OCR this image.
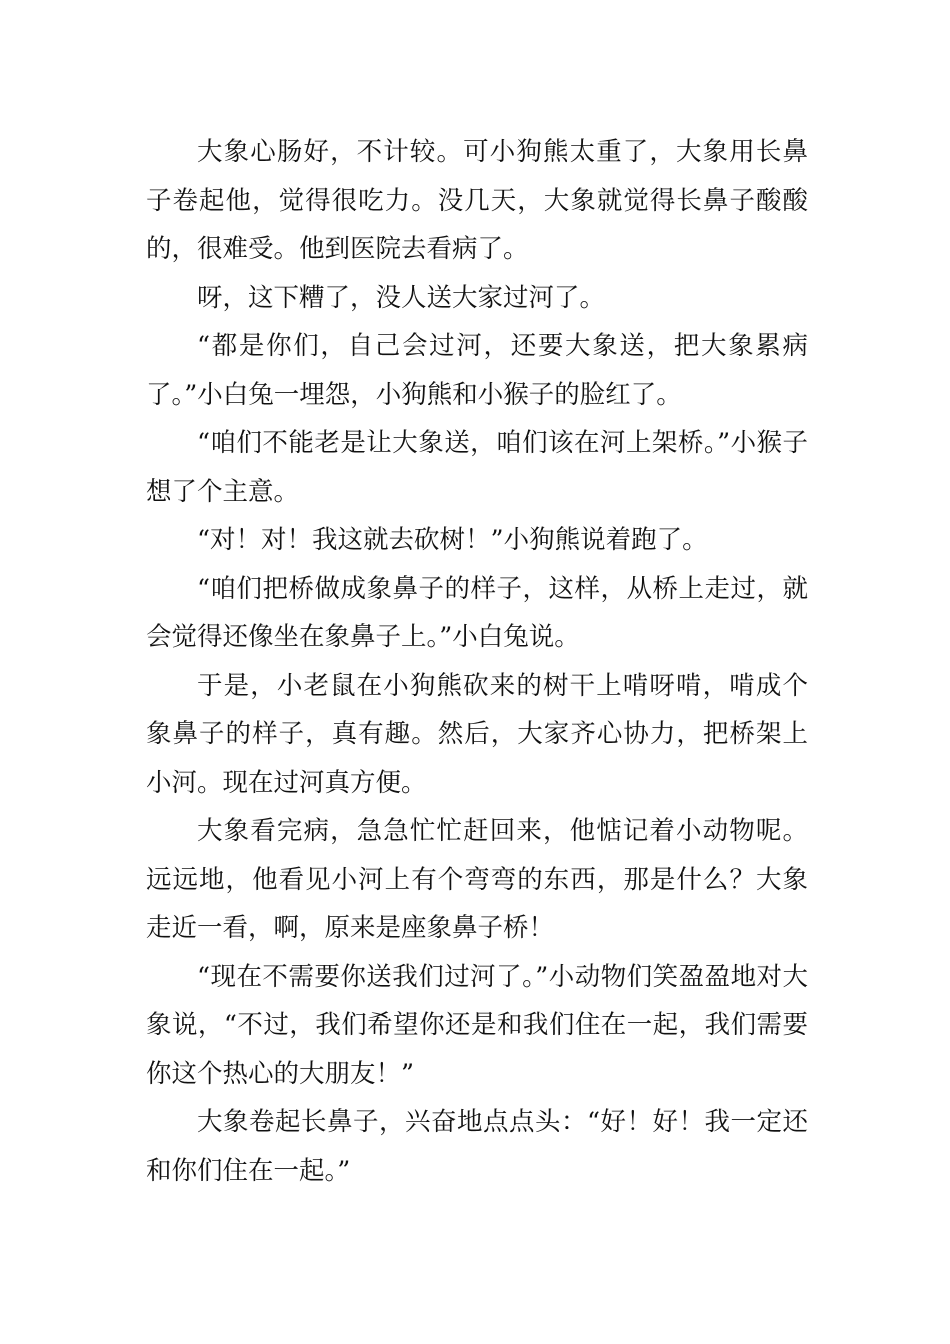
大象心肠好，不计较。可小狗熊太重了，大象用长鼻子卷起他，觉得很吃力。没几天，大象就觉得长鼻子酸酸的，很难受。他到医院去看病了。

呀，这下糟了，没人送大家过河了。

“都是你们，自己会过河，还要大象送，把大象累病了。”小白兔一埋怨，小狗熊和小猴子的脸红了。

“咱们不能老是让大象送，咱们该在河上架桥。”小猴子想了个主意。

“对！对！我这就去砍树！”小狗熊说着跑了。

“咱们把桥做成象鼻子的样子，这样，从桥上走过，就会觉得还像坐在象鼻子上。”小白兔说。

于是，小老鼠在小狗熊砍来的树干上啃呀啃，啃成个象鼻子的样子，真有趣。然后，大家齐心协力，把桥架上小河。现在过河真方便。

大象看完病，急急忙忙赶回来，他惦记着小动物呢。远远地，他看见小河上有个弯弯的东西，那是什么？大象走近一看，啊，原来是座象鼻子桥！

“现在不需要你送我们过河了。”小动物们笑盈盈地对大象说，“不过，我们希望你还是和我们住在一起，我们需要你这个热心的大朋友！”

大象卷起长鼻子，兴奋地点点头：“好！好！我一定还和你们住在一起。”
